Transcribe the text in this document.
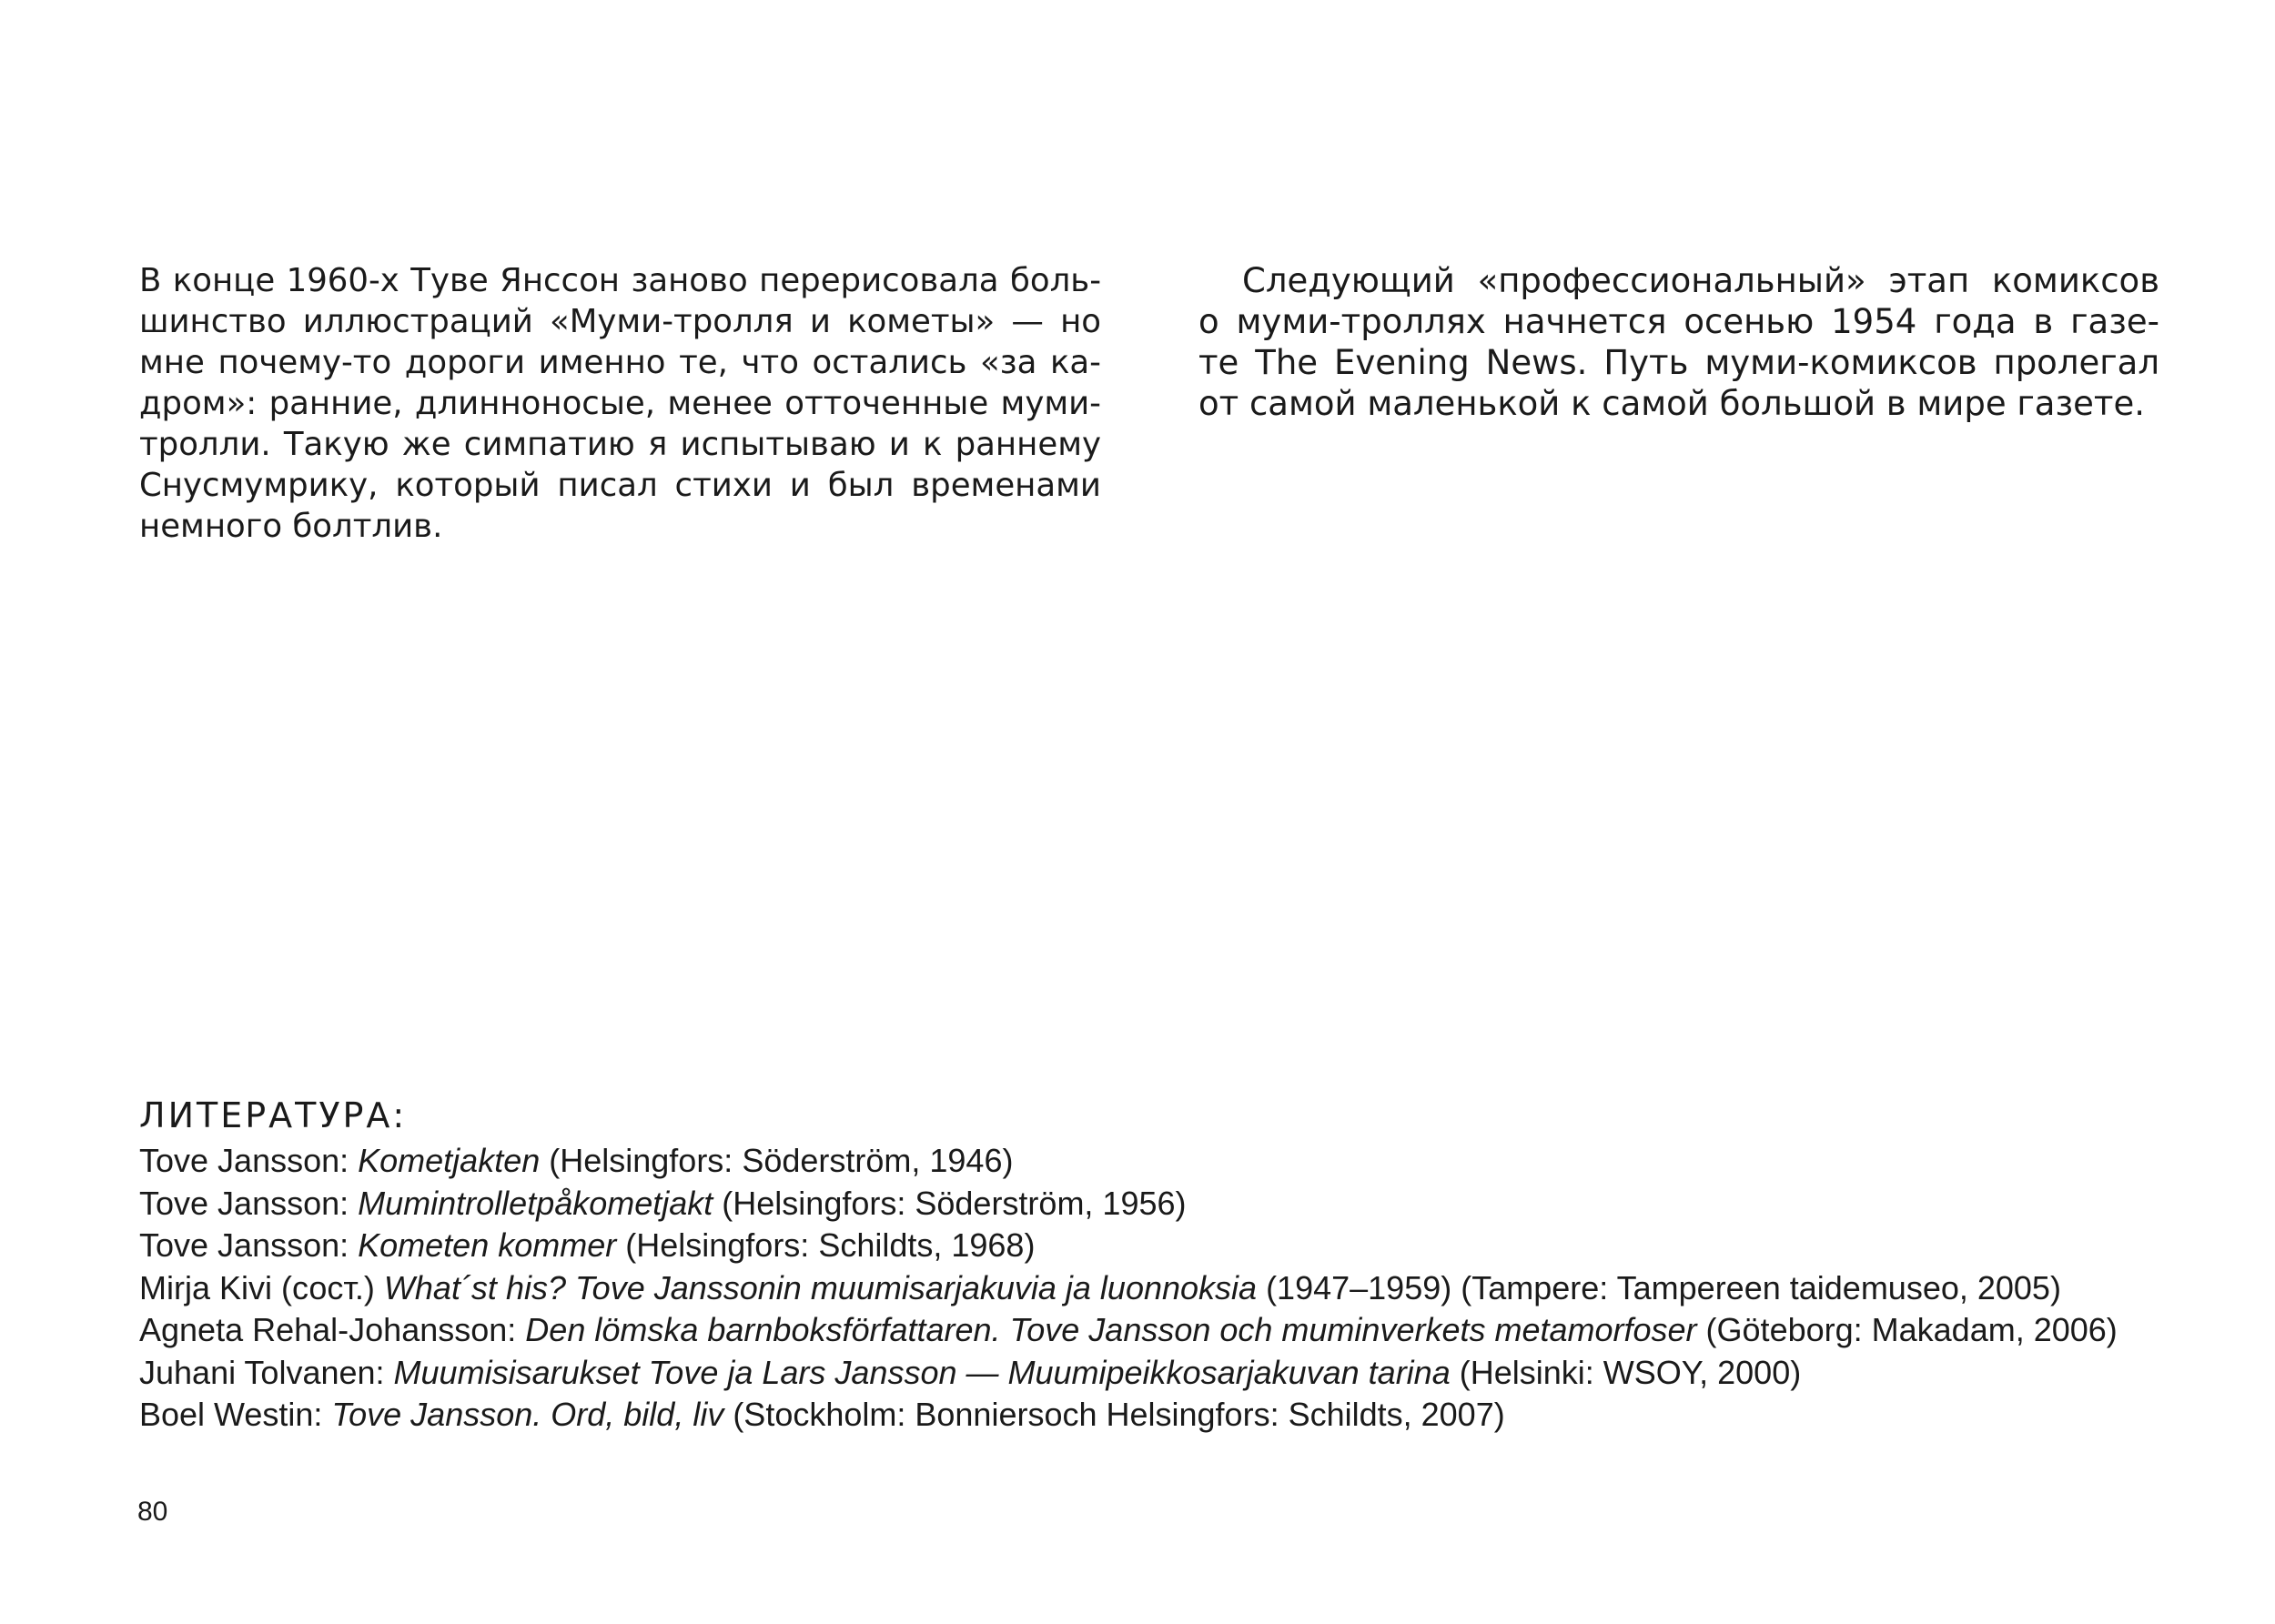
В конце 1960-х Туве Янссон заново перерисовала боль-
шинство иллюстраций «Муми-тролля и кометы» — но
мне почему-то дороги именно те, что остались «за ка-
дром»: ранние, длинноносые, менее отточенные муми-
тролли. Такую же симпатию я испытываю и к раннему
Снусмумрику, который писал стихи и был временами
немного болтлив.
Следующий «профессиональный» этап комиксов
о муми-троллях начнется осенью 1954 года в газе-
те The Evening News. Путь муми-комиксов пролегал
от самой маленькой к самой большой в мире газете.
ЛИТЕРАТУРА:
Tove Jansson: Kometjakten (Helsingfors: Söderström, 1946)
Tove Jansson: Mumintrolletpåkometjakt (Helsingfors: Söderström, 1956)
Tove Jansson: Kometen kommer (Helsingfors: Schildts, 1968)
Mirja Kivi (сост.) What´st his? Tove Janssonin muumisarjakuvia ja luonnoksia (1947–1959) (Tampere: Tampereen taidemuseo, 2005)
Agneta Rehal-Johansson: Den lömska barnboksförfattaren. Tove Jansson och muminverkets metamorfoser (Göteborg: Makadam, 2006)
Juhani Tolvanen: Muumisisarukset Tove ja Lars Jansson — Muumipeikkosarjakuvan tarina (Helsinki: WSOY, 2000)
Boel Westin: Tove Jansson. Ord, bild, liv (Stockholm: Bonniersoch Helsingfors: Schildts, 2007)
80
